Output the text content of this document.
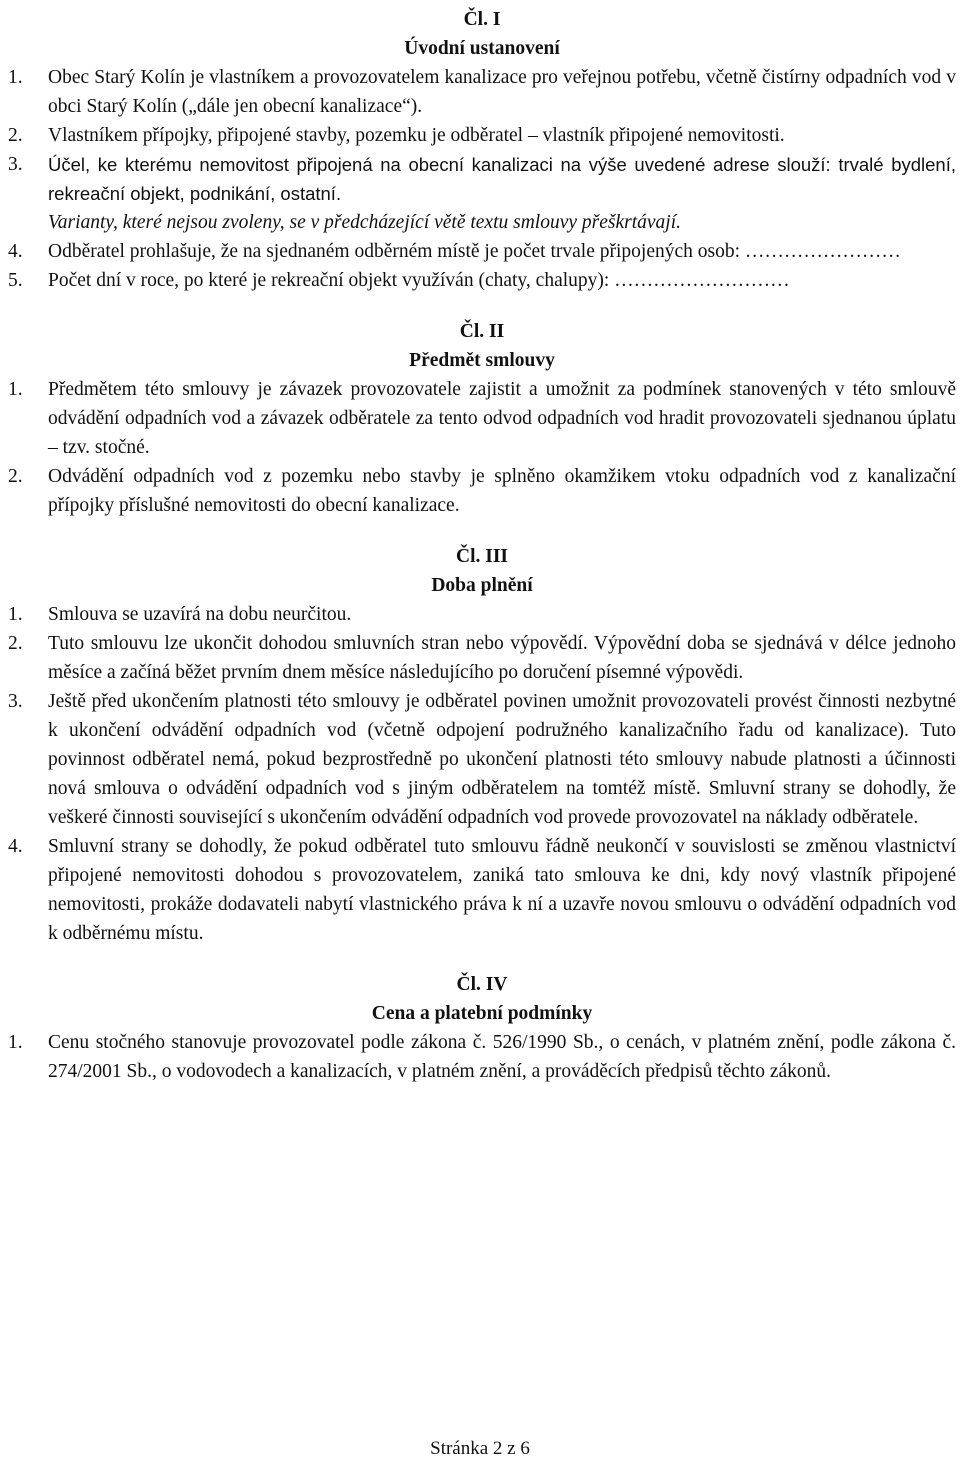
Čl. I

Úvodní ustanovení

1.	Obec Starý Kolín je vlastníkem a provozovatelem kanalizace pro veřejnou potřebu, včetně čistírny odpadních vod v obci Starý Kolín („dále jen obecní kanalizace“).
2.	Vlastníkem přípojky, připojené stavby, pozemku je odběratel – vlastník připojené nemovitosti.
3.	Účel, ke kterému nemovitost připojená na obecní kanalizaci na výše uvedené adrese slouží: trvalé bydlení, rekreační objekt, podnikání, ostatní.
Varianty, které nejsou zvoleny, se v předcházející větě textu smlouvy přeškrtávají.
4.	Odběratel prohlašuje, že na sjednaném odběrném místě je počet trvale připojených osob: ……………………
5.	Počet dní v roce, po které je rekreační objekt využíván (chaty, chalupy): ………………………

Čl. II

Předmět smlouvy

1.	Předmětem této smlouvy je závazek provozovatele zajistit a umožnit za podmínek stanovených v této smlouvě odvádění odpadních vod a závazek odběratele za tento odvod odpadních vod hradit provozovateli sjednanou úplatu – tzv. stočné.
2.	Odvádění odpadních vod z pozemku nebo stavby je splněno okamžikem vtoku odpadních vod z kanalizační přípojky příslušné nemovitosti do obecní kanalizace.

Čl. III

Doba plnění

1.	Smlouva se uzavírá na dobu neurčitou.
2.	Tuto smlouvu lze ukončit dohodou smluvních stran nebo výpovědí. Výpovědní doba se sjednává v délce jednoho měsíce a začíná běžet prvním dnem měsíce následujícího po doručení písemné výpovědi.
3.	Ještě před ukončením platnosti této smlouvy je odběratel povinen umožnit provozovateli provést činnosti nezbytné k ukončení odvádění odpadních vod (včetně odpojení podružného kanalizačního řadu od kanalizace). Tuto povinnost odběratel nemá, pokud bezprostředně po ukončení platnosti této smlouvy nabude platnosti a účinnosti nová smlouva o odvádění odpadních vod s jiným odběratelem na tomtéž místě. Smluvní strany se dohodly, že veškeré činnosti související s ukončením odvádění odpadních vod provede provozovatel na náklady odběratele.
4.	Smluvní strany se dohodly, že pokud odběratel tuto smlouvu řádně neukončí v souvislosti se změnou vlastnictví připojené nemovitosti dohodou s provozovatelem, zaniká tato smlouva ke dni, kdy nový vlastník připojené nemovitosti, prokáže dodavateli nabytí vlastnického práva k ní a uzavře novou smlouvu o odvádění odpadních vod k odběrnému místu.

Čl. IV

Cena a platební podmínky

1.	Cenu stočného stanovuje provozovatel podle zákona č. 526/1990 Sb., o cenách, v platném znění, podle zákona č. 274/2001 Sb., o vodovodech a kanalizacích, v platném znění, a prováděcích předpisů těchto zákonů.
Stránka 2 z 6
